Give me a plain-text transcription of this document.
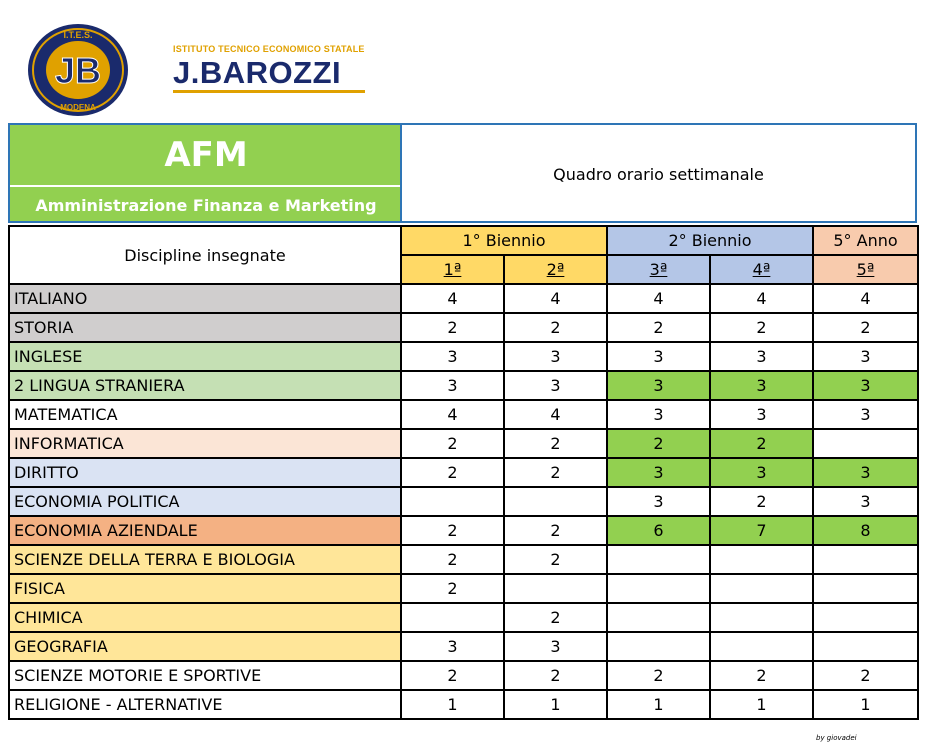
I.T.E.S.
JB
MODENA
ISTITUTO TECNICO ECONOMICO STATALE
J.BAROZZI
AFM
Amministrazione Finanza e Marketing
Quadro orario settimanale
Discipline insegnate	1° Biennio		2° Biennio		5° Anno
	1ª	2ª	3ª	4ª	5ª
ITALIANO	4	4	4	4	4
STORIA	2	2	2	2	2
INGLESE	3	3	3	3	3
2 LINGUA STRANIERA	3	3	3	3	3
MATEMATICA	4	4	3	3	3
INFORMATICA	2	2	2	2	
DIRITTO	2	2	3	3	3
ECONOMIA POLITICA			3	2	3
ECONOMIA AZIENDALE	2	2	6	7	8
SCIENZE DELLA TERRA E BIOLOGIA	2	2			
FISICA	2				
CHIMICA		2			
GEOGRAFIA	3	3			
SCIENZE MOTORIE E SPORTIVE	2	2	2	2	2
RELIGIONE - ALTERNATIVE	1	1	1	1	1
by giovadei
